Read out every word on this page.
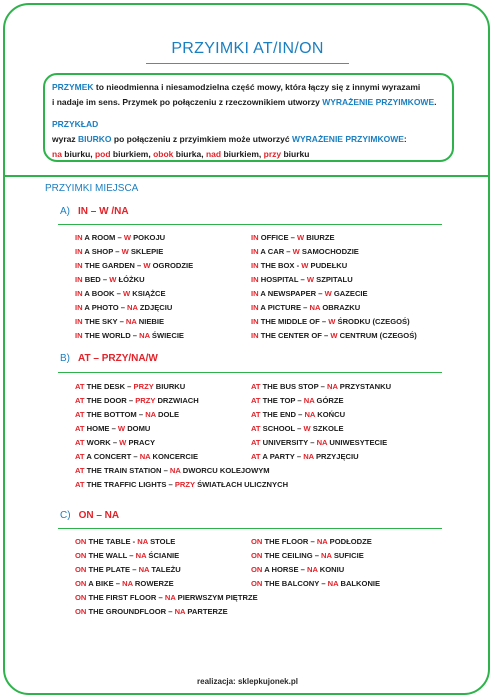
PRZYIMKI AT/IN/ON
PRZYMEK to nieodmienna i niesamodzielna część mowy, która łączy się z innymi wyrazami
i nadaje im sens. Przymek po połączeniu z rzeczownikiem utworzy WYRAŻENIE PRZYIMKOWE.
PRZYKŁAD
wyraz BIURKO po połączeniu z przyimkiem może utworzyć WYRAŻENIE PRZYIMKOWE:
na biurku, pod biurkiem, obok biurka, nad biurkiem, przy biurku
PRZYIMKI MIEJSCA
A) IN – W /NA
IN A ROOM – W POKOJU
IN A SHOP – W SKLEPIE
IN THE GARDEN – W OGRODZIE
IN BED – W ŁÓŻKU
IN A BOOK – W KSIĄŻCE
IN A PHOTO – NA ZDJĘCIU
IN THE SKY – NA NIEBIE
IN THE WORLD – NA ŚWIECIE
IN OFFICE – W BIURZE
IN A CAR – W SAMOCHODZIE
IN THE BOX - W PUDEŁKU
IN HOSPITAL – W SZPITALU
IN A NEWSPAPER – W GAZECIE
IN A PICTURE – NA OBRAZKU
IN THE MIDDLE OF – W ŚRODKU (CZEGOŚ)
IN THE CENTER OF – W CENTRUM (CZEGOŚ)
B) AT – PRZY/NA/W
AT THE DESK – PRZY BIURKU
AT THE DOOR – PRZY DRZWIACH
AT THE BOTTOM – NA DOLE
AT HOME – W DOMU
AT WORK – W PRACY
AT A CONCERT – NA KONCERCIE
AT THE TRAIN STATION – NA DWORCU KOLEJOWYM
AT THE TRAFFIC LIGHTS – PRZY ŚWIATŁACH ULICZNYCH
AT THE BUS STOP – NA PRZYSTANKU
AT THE TOP – NA GÓRZE
AT THE END – NA KOŃCU
AT SCHOOL – W SZKOLE
AT UNIVERSITY – NA UNIWESYTECIE
AT A PARTY – NA PRZYJĘCIU
C) ON – NA
ON THE TABLE - NA STOLE
ON THE WALL – NA ŚCIANIE
ON THE PLATE – NA TALEŻU
ON A BIKE – NA ROWERZE
ON THE FIRST FLOOR – NA PIERWSZYM PIĘTRZE
ON THE GROUNDFLOOR – NA PARTERZE
ON THE FLOOR – NA PODŁODZE
ON THE CEILING – NA SUFICIE
ON A HORSE – NA KONIU
ON THE BALCONY – NA BALKONIE
realizacja: sklepkujonek.pl
